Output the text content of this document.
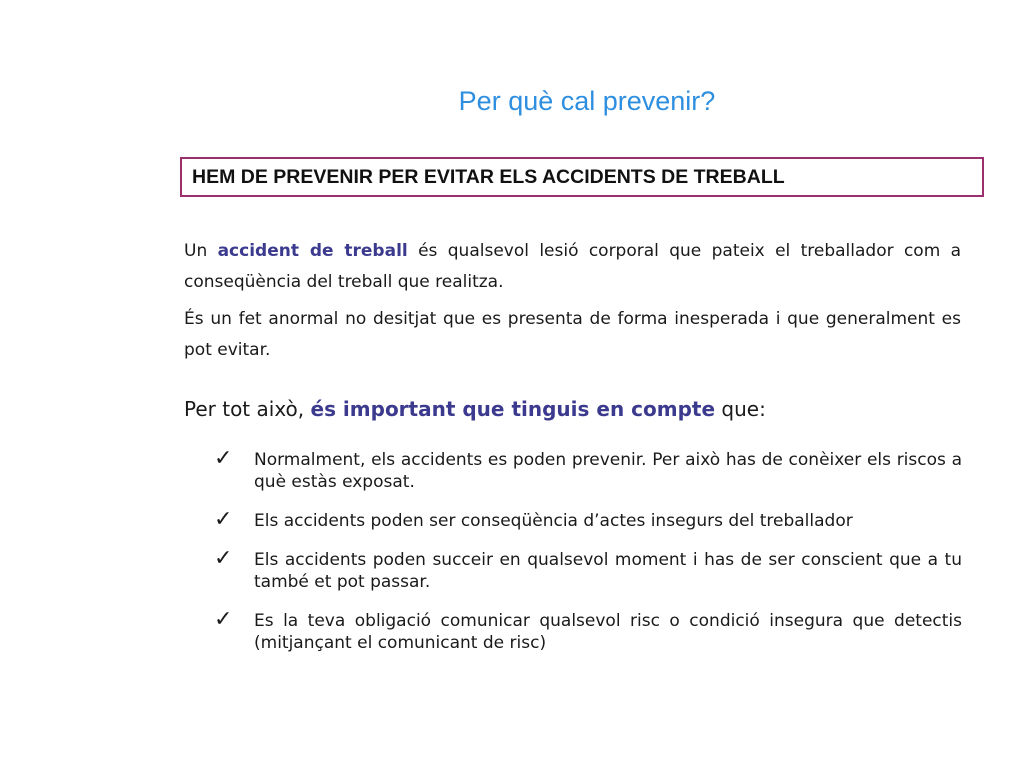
Per què cal prevenir?
HEM DE PREVENIR PER EVITAR ELS ACCIDENTS DE TREBALL
Un accident de treball és qualsevol lesió corporal que pateix el treballador com a conseqüència del treball que realitza.
És un fet anormal no desitjat que es presenta de forma inesperada i que generalment es pot evitar.
Per tot això, és important que tinguis en compte que:
✓ Normalment, els accidents es poden prevenir. Per això has de conèixer els riscos a què estàs exposat.
✓ Els accidents poden ser conseqüència d’actes insegurs del treballador
✓ Els accidents poden succeir en qualsevol moment i has de ser conscient que a tu també et pot passar.
✓ Es la teva obligació comunicar qualsevol risc o condició insegura que detectis (mitjançant el comunicant de risc)
